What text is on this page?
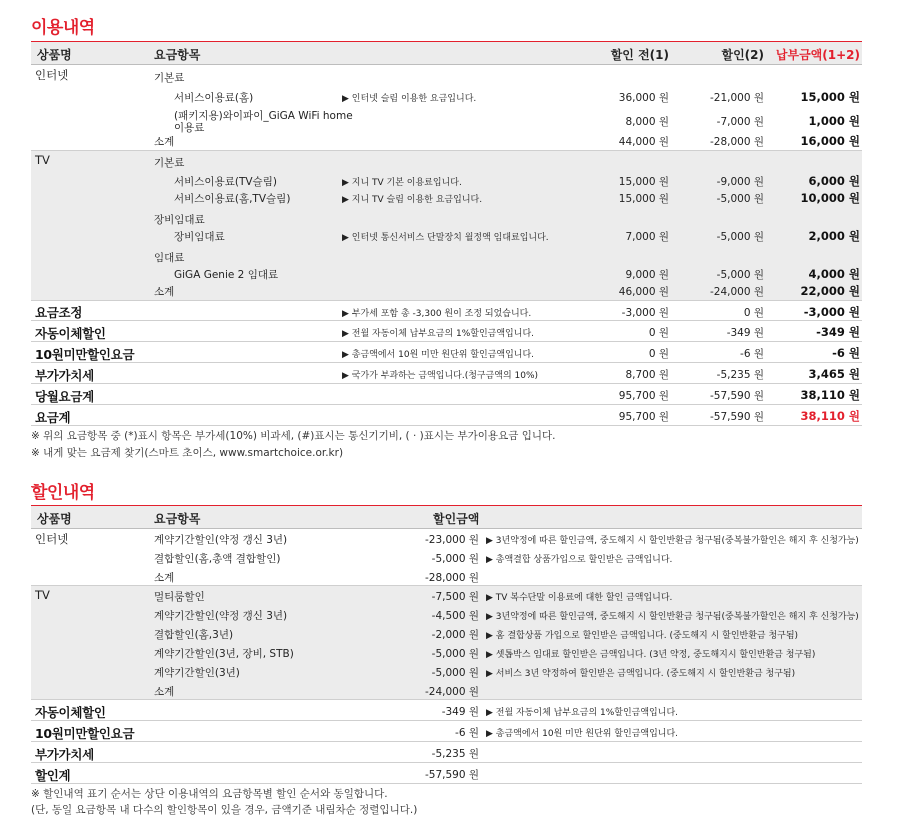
이용내역
상품명	요금항목	할인 전(1)	할인(2) 납부금액(1+2)
인터넷	기본료
서비스이용료(홈)	▶ 인터넷 슬림 이용한 요금입니다.	36,000 원	-21,000 원	15,000 원
(패키지용)와이파이_GiGA WiFi home
이용료	8,000 원	-7,000 원	1,000 원
소계	44,000 원	-28,000 원	16,000 원
TV	기본료
서비스이용료(TV슬림)	▶ 지니 TV 기본 이용료입니다.	15,000 원	-9,000 원	6,000 원
서비스이용료(홈,TV슬림)	▶ 지니 TV 슬림 이용한 요금입니다.	15,000 원	-5,000 원	10,000 원
장비임대료
장비임대료	▶ 인터넷 통신서비스 단말장치 월정액 임대료입니다.	7,000 원	-5,000 원	2,000 원
임대료
GiGA Genie 2 임대료	9,000 원	-5,000 원	4,000 원
소계	46,000 원	-24,000 원	22,000 원
요금조정	▶ 부가세 포함 총 -3,300 원이 조정 되었습니다.	-3,000 원	0 원	-3,000 원
자동이체할인	▶ 전월 자동이체 납부요금의 1%할인금액입니다.	0 원	-349 원	-349 원
10원미만할인요금	▶ 총금액에서 10원 미만 원단위 할인금액입니다.	0 원	-6 원	-6 원
부가가치세	▶ 국가가 부과하는 금액입니다.(청구금액의 10%)	8,700 원	-5,235 원	3,465 원
당월요금계	95,700 원	-57,590 원	38,110 원
요금계	95,700 원	-57,590 원	38,110 원
※ 위의 요금항목 중 (*)표시 항목은 부가세(10%) 비과세, (#)표시는 통신기기비, ( · )표시는 부가이용요금 입니다.
※ 내게 맞는 요금제 찾기(스마트 초이스, www.smartchoice.or.kr)
할인내역
상품명	요금항목	할인금액
인터넷	계약기간할인(약정 갱신 3년)	-23,000 원 ▶ 3년약정에 따른 할인금액, 중도해지 시 할인반환금 청구됨(중복불가할인은 해지 후 신청가능)
결합할인(홈,총액 결합할인)	-5,000 원 ▶ 총액결합 상품가입으로 할인받은 금액입니다.
소계	-28,000 원
TV	멀티룸할인	-7,500 원 ▶ TV 복수단말 이용료에 대한 할인 금액입니다.
계약기간할인(약정 갱신 3년)	-4,500 원 ▶ 3년약정에 따른 할인금액, 중도해지 시 할인반환금 청구됨(중복불가할인은 해지 후 신청가능)
결합할인(홈,3년)	-2,000 원 ▶ 홈 결합상품 가입으로 할인받은 금액입니다. (중도해지 시 할인반환금 청구됨)
계약기간할인(3년, 장비, STB)	-5,000 원 ▶ 셋톱박스 임대료 할인받은 금액입니다. (3년 약정, 중도해지시 할인반환금 청구됨)
계약기간할인(3년)	-5,000 원 ▶ 서비스 3년 약정하여 할인받은 금액입니다. (중도해지 시 할인반환금 청구됨)
소계	-24,000 원
자동이체할인	-349 원 ▶ 전월 자동이체 납부요금의 1%할인금액입니다.
10원미만할인요금	-6 원 ▶ 총금액에서 10원 미만 원단위 할인금액입니다.
부가가치세	-5,235 원
할인계	-57,590 원
※ 할인내역 표기 순서는 상단 이용내역의 요금항목별 할인 순서와 동일합니다.
(단, 동일 요금항목 내 다수의 할인항목이 있을 경우, 금액기준 내림차순 정렬입니다.)
